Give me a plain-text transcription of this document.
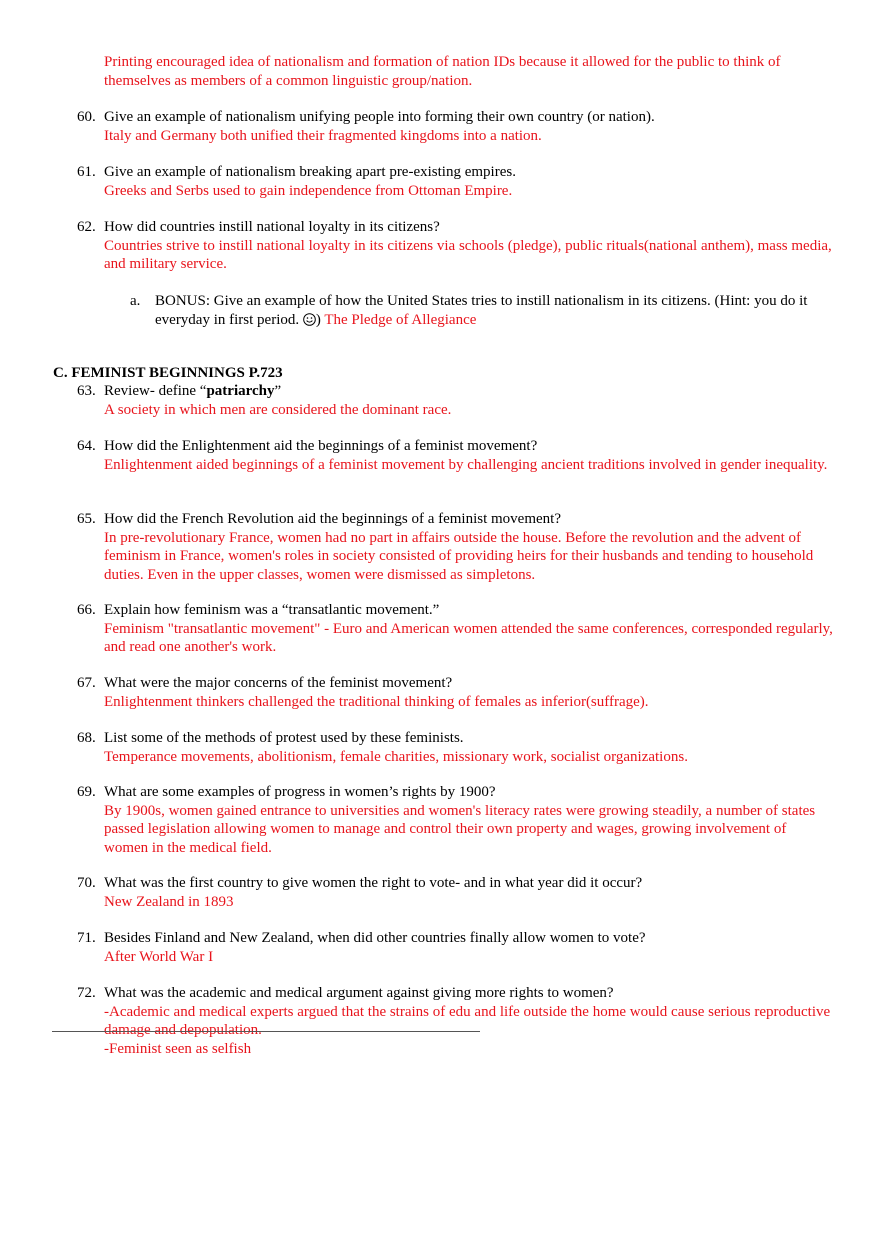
Printing encouraged idea of nationalism and formation of nation IDs because it allowed for the public to think of themselves as members of a common linguistic group/nation.
60. Give an example of nationalism unifying people into forming their own country (or nation).
Italy and Germany both unified their fragmented kingdoms into a nation.
61. Give an example of nationalism breaking apart pre-existing empires.
Greeks and Serbs used to gain independence from Ottoman Empire.
62. How did countries instill national loyalty in its citizens?
Countries strive to instill national loyalty in its citizens via schools (pledge), public rituals(national anthem), mass media, and military service.
a. BONUS: Give an example of how the United States tries to instill nationalism in its citizens. (Hint: you do it everyday in first period. ) The Pledge of Allegiance
C. FEMINIST BEGINNINGS P.723
63. Review- define “patriarchy”
A society in which men are considered the dominant race.
64. How did the Enlightenment aid the beginnings of a feminist movement?
Enlightenment aided beginnings of a feminist movement by challenging ancient traditions involved in gender inequality.
65. How did the French Revolution aid the beginnings of a feminist movement?
In pre-revolutionary France, women had no part in affairs outside the house. Before the revolution and the advent of feminism in France, women's roles in society consisted of providing heirs for their husbands and tending to household duties. Even in the upper classes, women were dismissed as simpletons.
66. Explain how feminism was a “transatlantic movement.”
Feminism "transatlantic movement" - Euro and American women attended the same conferences, corresponded regularly, and read one another's work.
67. What were the major concerns of the feminist movement?
Enlightenment thinkers challenged the traditional thinking of females as inferior(suffrage).
68. List some of the methods of protest used by these feminists.
Temperance movements, abolitionism, female charities, missionary work, socialist organizations.
69. What are some examples of progress in women’s rights by 1900?
By 1900s, women gained entrance to universities and women's literacy rates were growing steadily, a number of states passed legislation allowing women to manage and control their own property and wages, growing involvement of women in the medical field.
70. What was the first country to give women the right to vote- and in what year did it occur?
New Zealand in 1893
71. Besides Finland and New Zealand, when did other countries finally allow women to vote?
After World War I
72. What was the academic and medical argument against giving more rights to women?
-Academic and medical experts argued that the strains of edu and life outside the home would cause serious reproductive damage and depopulation.
-Feminist seen as selfish
